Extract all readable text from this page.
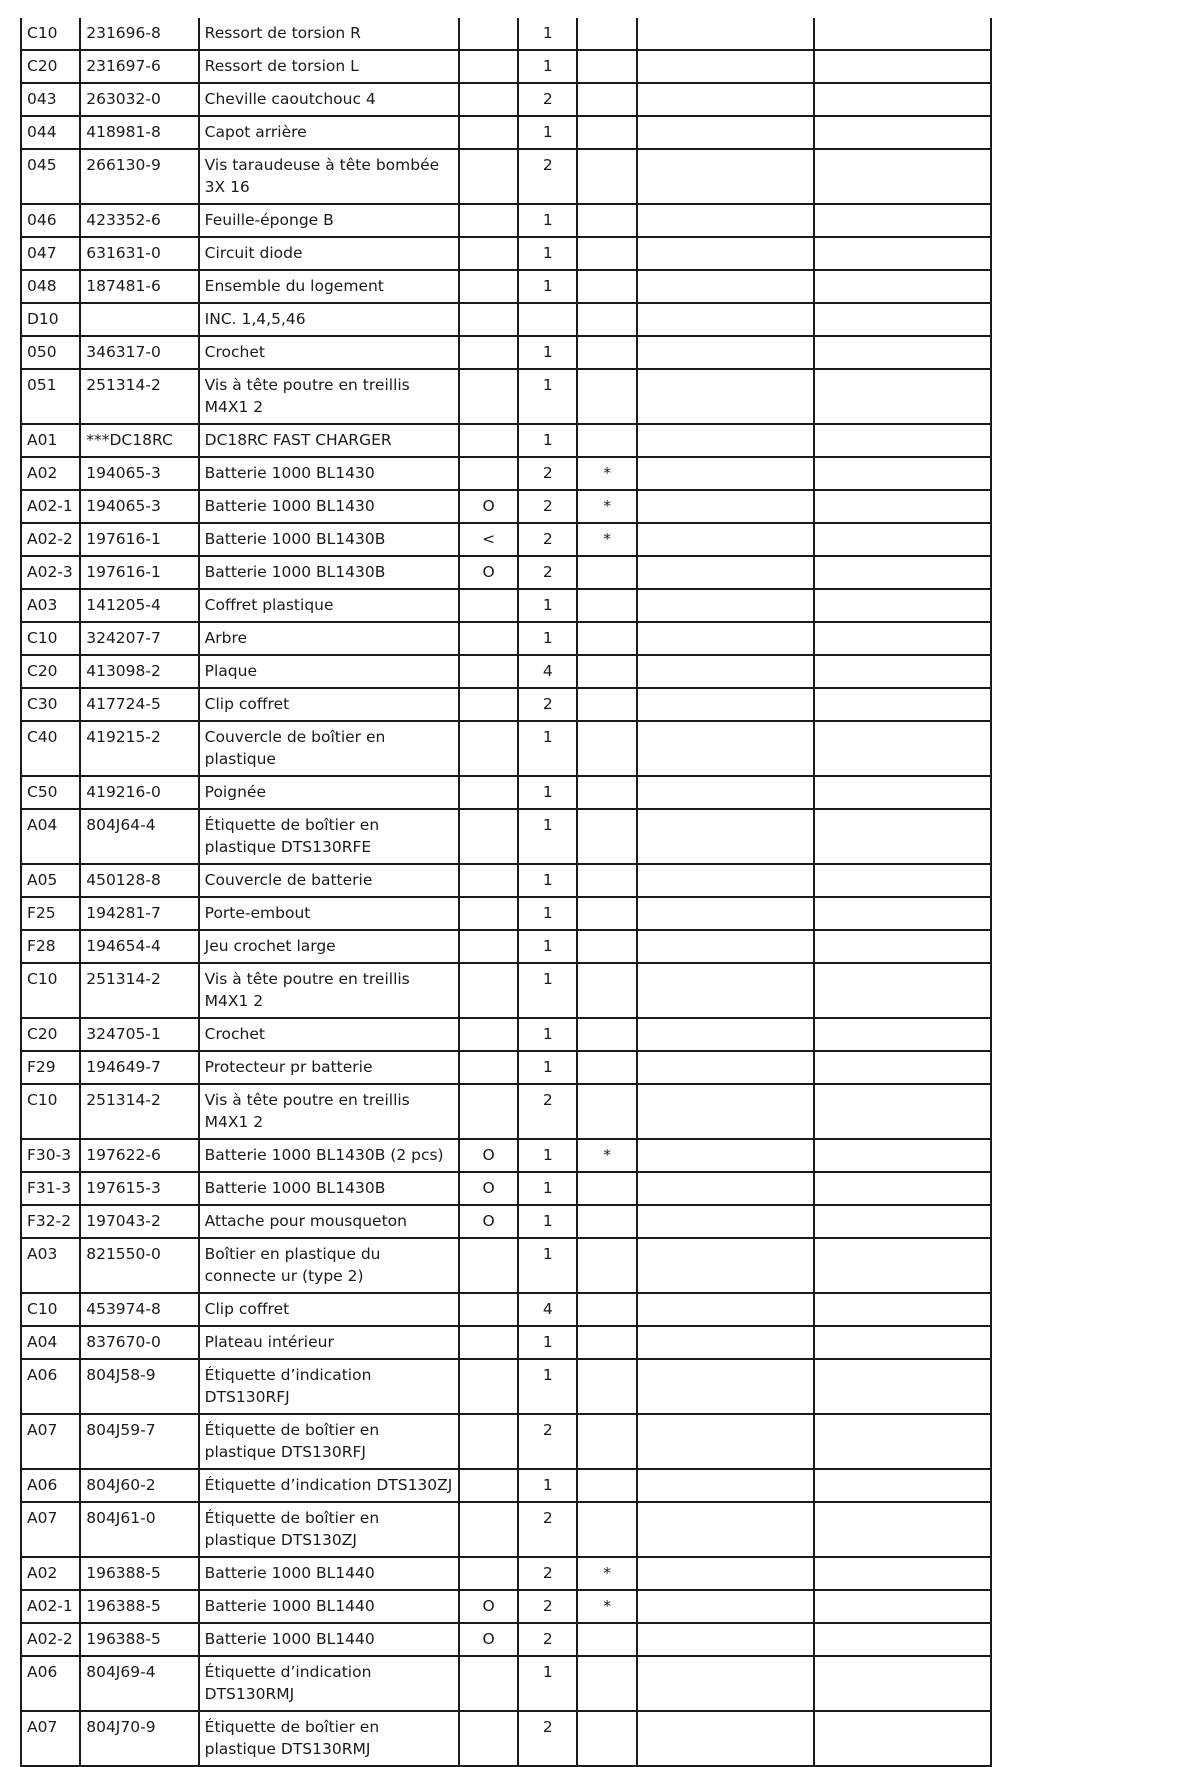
C10	231696-8	Ressort de torsion R		1			
C20	231697-6	Ressort de torsion L		1			
043	263032-0	Cheville caoutchouc 4		2			
044	418981-8	Capot arrière		1			
045	266130-9	Vis taraudeuse à tête bombée 3X 16		2			
046	423352-6	Feuille-éponge B		1			
047	631631-0	Circuit diode		1			
048	187481-6	Ensemble du logement		1			
D10		INC. 1,4,5,46					
050	346317-0	Crochet		1			
051	251314-2	Vis à tête poutre en treillis M4X1 2		1			
A01	***DC18RC	DC18RC FAST CHARGER		1			
A02	194065-3	Batterie 1000 BL1430		2	*		
A02-1	194065-3	Batterie 1000 BL1430	O	2	*		
A02-2	197616-1	Batterie 1000 BL1430B	<	2	*		
A02-3	197616-1	Batterie 1000 BL1430B	O	2			
A03	141205-4	Coffret plastique		1			
C10	324207-7	Arbre		1			
C20	413098-2	Plaque		4			
C30	417724-5	Clip coffret		2			
C40	419215-2	Couvercle de boîtier en plastique		1			
C50	419216-0	Poignée		1			
A04	804J64-4	Étiquette de boîtier en plastique DTS130RFE		1			
A05	450128-8	Couvercle de batterie		1			
F25	194281-7	Porte-embout		1			
F28	194654-4	Jeu crochet large		1			
C10	251314-2	Vis à tête poutre en treillis M4X1 2		1			
C20	324705-1	Crochet		1			
F29	194649-7	Protecteur pr batterie		1			
C10	251314-2	Vis à tête poutre en treillis M4X1 2		2			
F30-3	197622-6	Batterie 1000 BL1430B (2 pcs)	O	1	*		
F31-3	197615-3	Batterie 1000 BL1430B	O	1			
F32-2	197043-2	Attache pour mousqueton	O	1			
A03	821550-0	Boîtier en plastique du connecte ur (type 2)		1			
C10	453974-8	Clip coffret		4			
A04	837670-0	Plateau intérieur		1			
A06	804J58-9	Étiquette d’indication DTS130RFJ		1			
A07	804J59-7	Étiquette de boîtier en plastique DTS130RFJ		2			
A06	804J60-2	Étiquette d’indication DTS130ZJ		1			
A07	804J61-0	Étiquette de boîtier en plastique DTS130ZJ		2			
A02	196388-5	Batterie 1000 BL1440		2	*		
A02-1	196388-5	Batterie 1000 BL1440	O	2	*		
A02-2	196388-5	Batterie 1000 BL1440	O	2			
A06	804J69-4	Étiquette d’indication DTS130RMJ		1			
A07	804J70-9	Étiquette de boîtier en plastique DTS130RMJ		2			
